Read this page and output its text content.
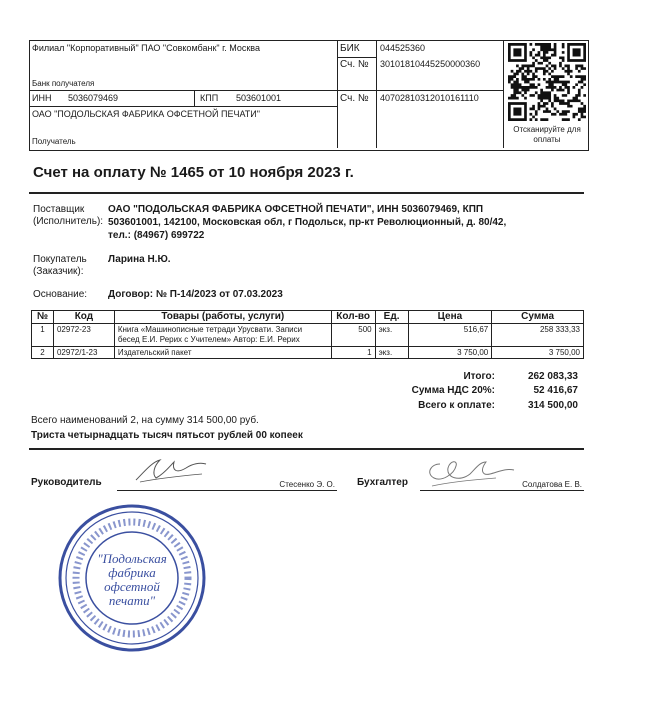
Филиал "Корпоративный" ПАО "Совкомбанк" г. Москва
Банк получателя
ИНН 5036079469	КПП 503601001
ОАО "ПОДОЛЬСКАЯ ФАБРИКА ОФСЕТНОЙ ПЕЧАТИ"
Получатель
БИК 044525360
Сч. № 30101810445250000360
Сч. № 40702810312010161110
Отсканируйте для оплаты
Счет на оплату № 1465 от 10 ноября 2023 г.
Поставщик
(Исполнитель):
ОАО "ПОДОЛЬСКАЯ ФАБРИКА ОФСЕТНОЙ ПЕЧАТИ", ИНН 5036079469, КПП
503601001, 142100, Московская обл, г Подольск, пр-кт Революционный, д. 80/42,
тел.: (84967) 699722
Покупатель
(Заказчик):
Ларина Н.Ю.
Основание: Договор: № П-14/2023 от 07.03.2023
№	Код	Товары (работы, услуги)	Кол-во	Ед.	Цена	Сумма
1	02972-23	Книга «Машинописные тетради Урусвати. Записи
бесед Е.И. Рерих с Учителем» Автор: Е.И. Рерих	500	экз.	516,67	258 333,33
2	02972/1-23	Издательский пакет	1	экз.	3 750,00	3 750,00
Итого:	262 083,33
Сумма НДС 20%:	52 416,67
Всего к оплате:	314 500,00
Всего наименований 2, на сумму 314 500,00 руб.
Триста четырнадцать тысяч пятьсот рублей 00 копеек
Руководитель	Стесенко Э. О. Бухгалтер	Солдатова Е. В.
"Подольская
фабрика
офсетной
печати"
